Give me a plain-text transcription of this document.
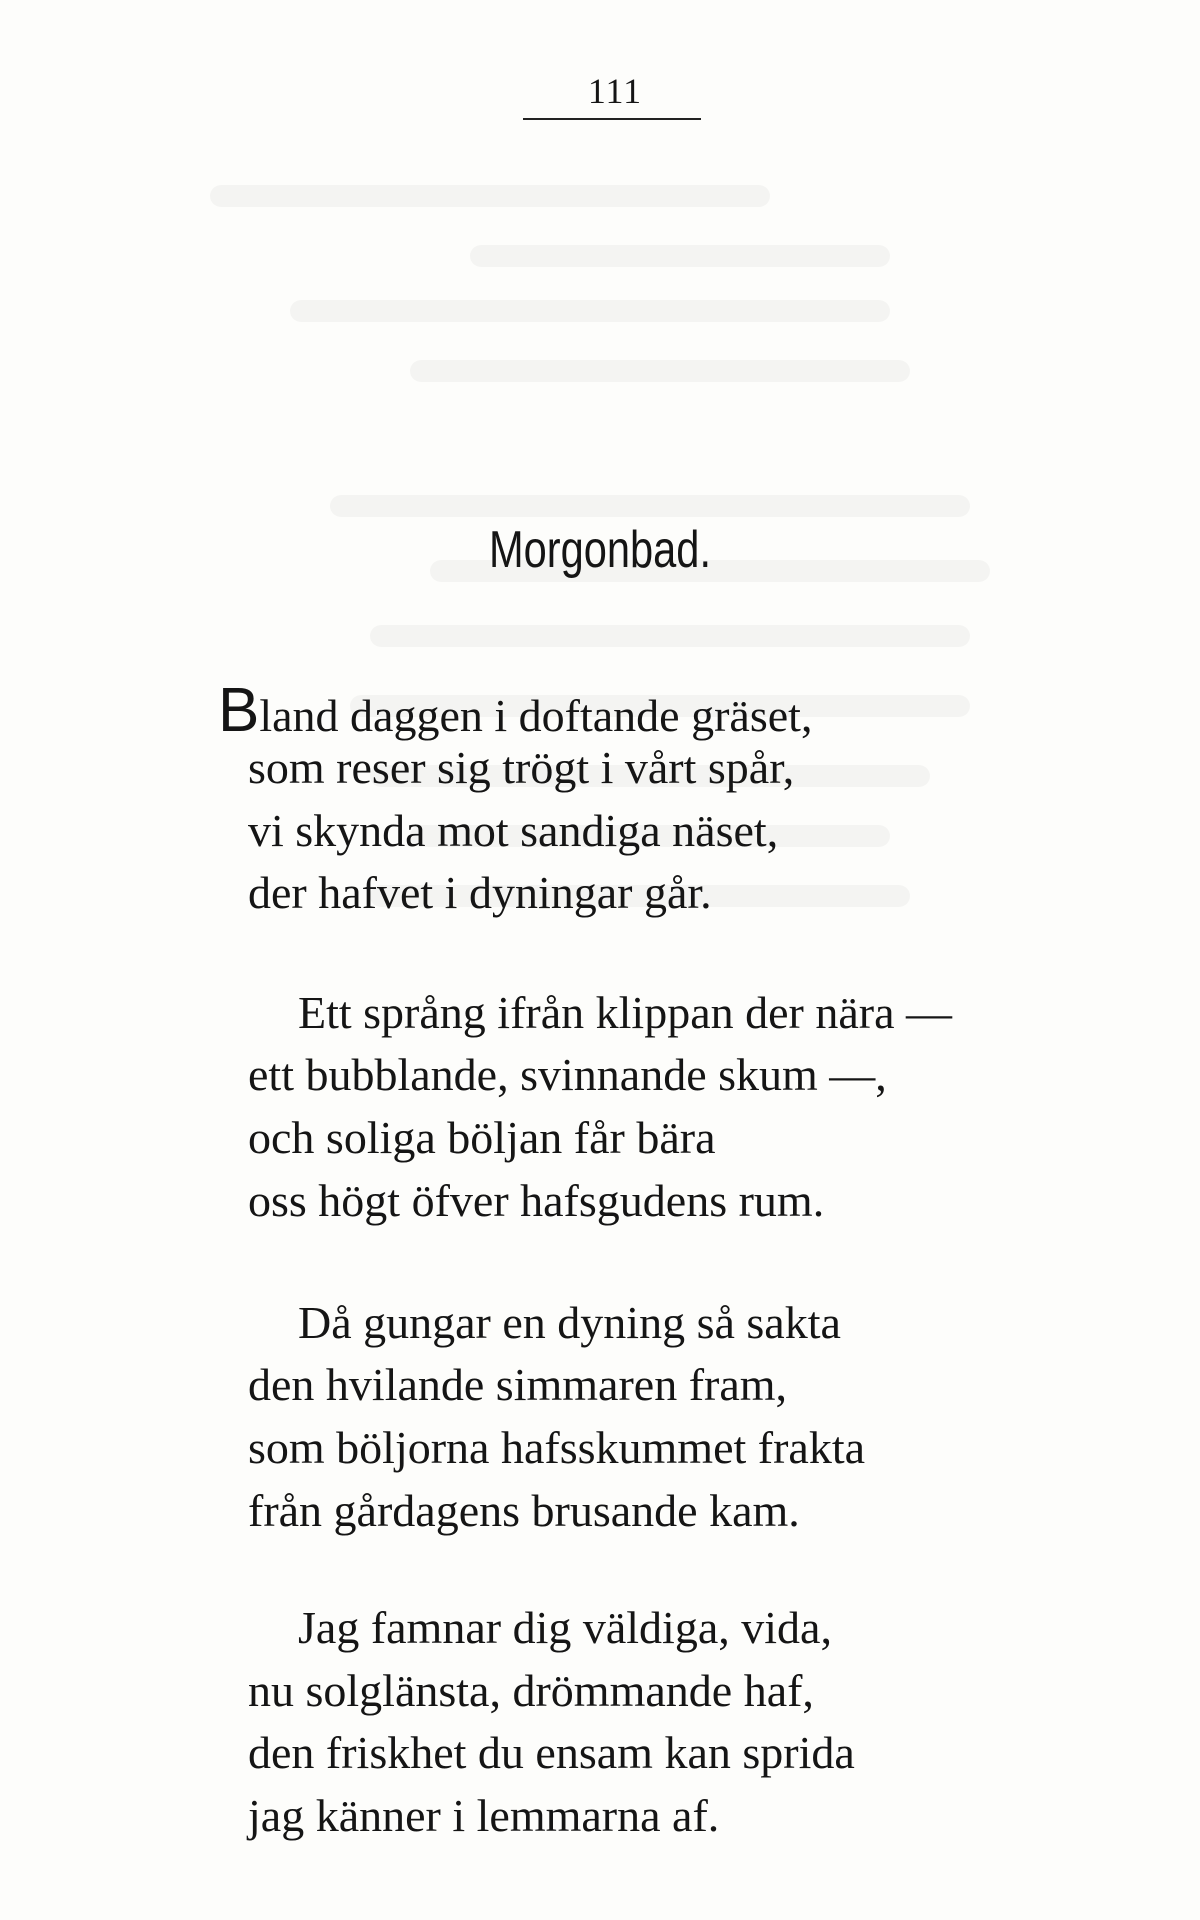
111
Morgonbad.
Bland daggen i doftande gräset,
som reser sig trögt i vårt spår,
vi skynda mot sandiga näset,
der hafvet i dyningar går.
Ett språng ifrån klippan der nära —
ett bubblande, svinnande skum —,
och soliga böljan får bära
oss högt öfver hafsgudens rum.
Då gungar en dyning så sakta
den hvilande simmaren fram,
som böljorna hafsskummet frakta
från gårdagens brusande kam.
Jag famnar dig väldiga, vida,
nu solglänsta, drömmande haf,
den friskhet du ensam kan sprida
jag känner i lemmarna af.
